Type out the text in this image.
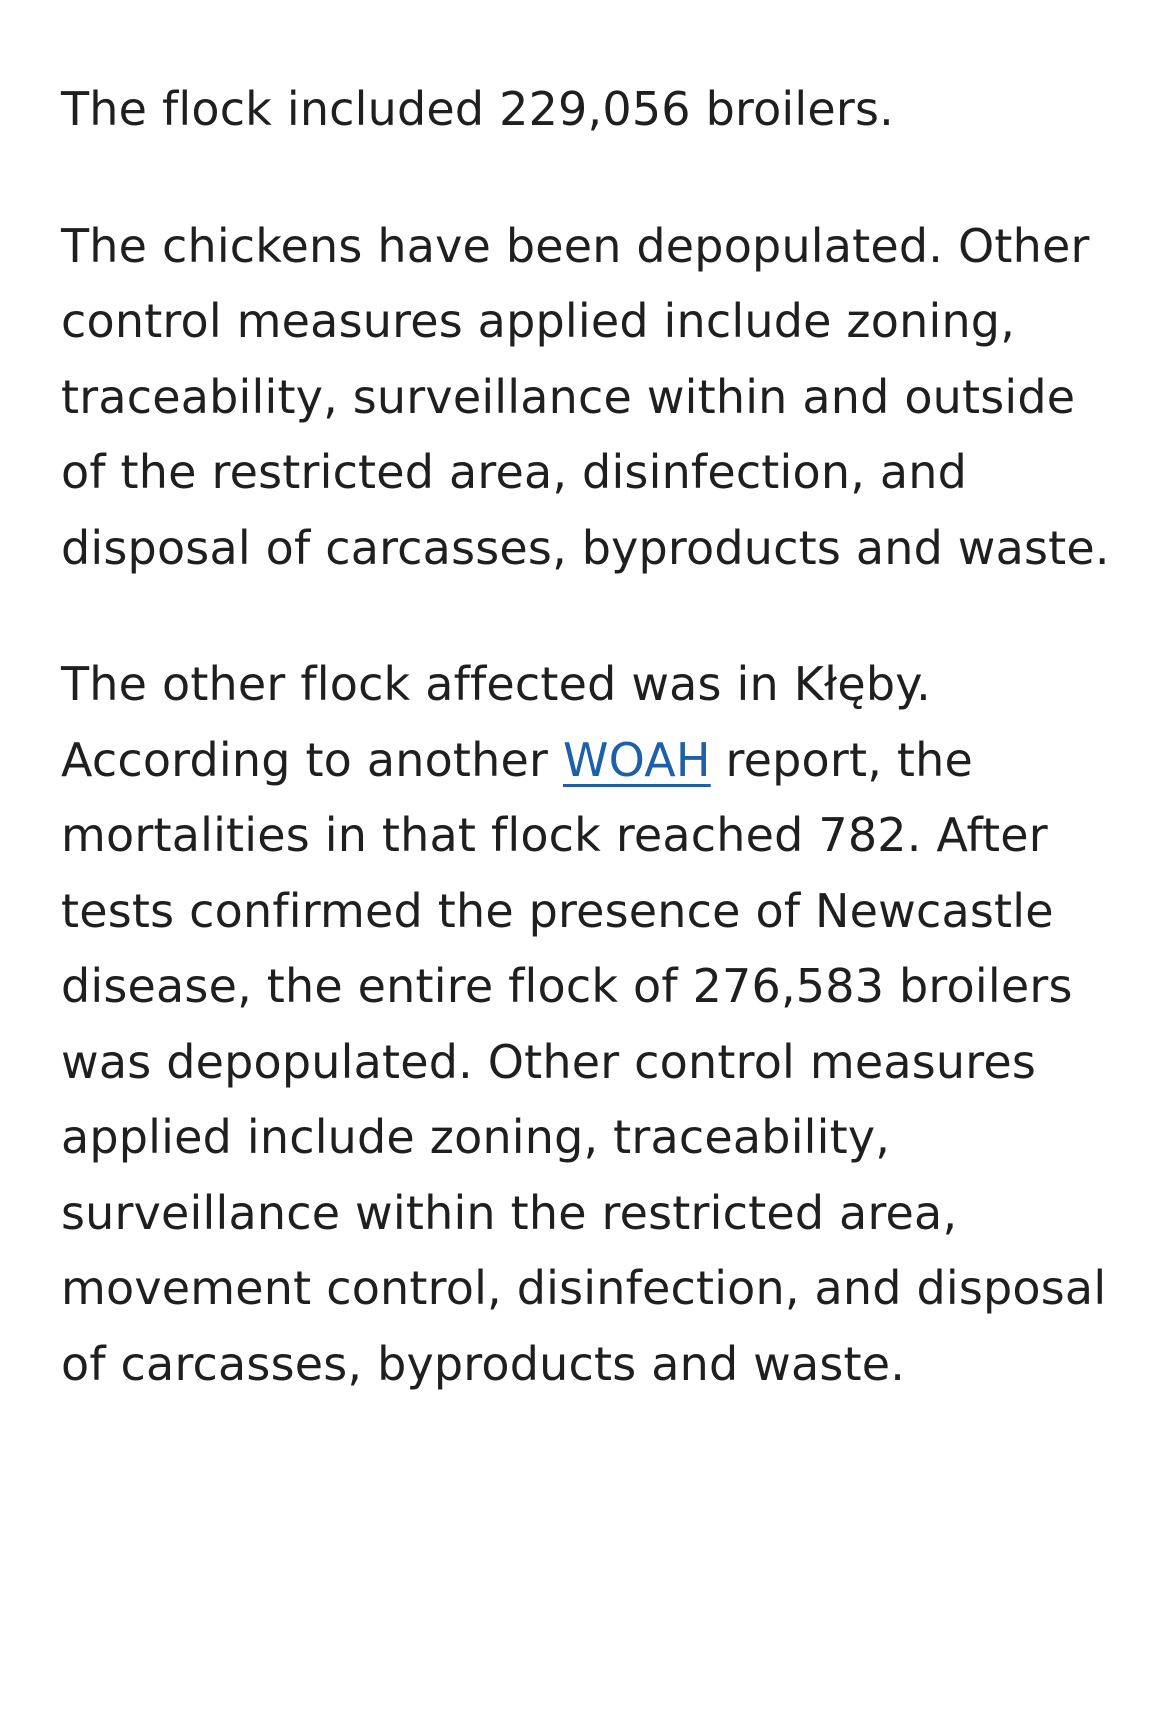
The flock included 229,056 broilers.

The chickens have been depopulated. Other control measures applied include zoning, traceability, surveillance within and outside of the restricted area, disinfection, and disposal of carcasses, byproducts and waste.

The other flock affected was in Kłęby. According to another WOAH report, the mortalities in that flock reached 782. After tests confirmed the presence of Newcastle disease, the entire flock of 276,583 broilers was depopulated. Other control measures applied include zoning, traceability, surveillance within the restricted area, movement control, disinfection, and disposal of carcasses, byproducts and waste.
